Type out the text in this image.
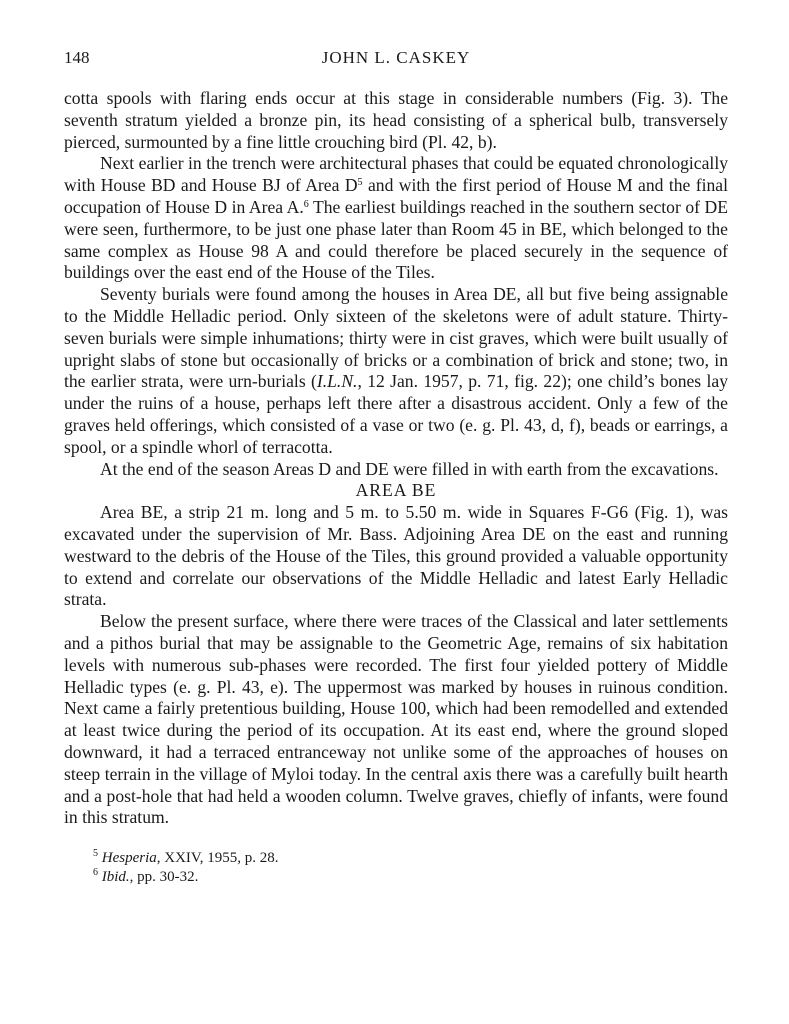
148	JOHN L. CASKEY

cotta spools with flaring ends occur at this stage in considerable numbers (Fig. 3). The seventh stratum yielded a bronze pin, its head consisting of a spherical bulb, transversely pierced, surmounted by a fine little crouching bird (Pl. 42, b).

Next earlier in the trench were architectural phases that could be equated chronologically with House BD and House BJ of Area $D^5$ and with the first period of House M and the final occupation of House D in Area A.$^6$ The earliest buildings reached in the southern sector of DE were seen, furthermore, to be just one phase later than Room 45 in BE, which belonged to the same complex as House 98 A and could therefore be placed securely in the sequence of buildings over the east end of the House of the Tiles.

Seventy burials were found among the houses in Area DE, all but five being assignable to the Middle Helladic period. Only sixteen of the skeletons were of adult stature. Thirty-seven burials were simple inhumations; thirty were in cist graves, which were built usually of upright slabs of stone but occasionally of bricks or a combination of brick and stone; two, in the earlier strata, were urn-burials (I.L.N., 12 Jan. 1957, p. 71, fig. 22); one child’s bones lay under the ruins of a house, perhaps left there after a disastrous accident. Only a few of the graves held offerings, which consisted of a vase or two (e. g. Pl. 43, d, f), beads or earrings, a spool, or a spindle whorl of terracotta.

At the end of the season Areas D and DE were filled in with earth from the excavations.

AREA BE

Area BE, a strip 21 m. long and 5 m. to 5.50 m. wide in Squares F-G6 (Fig. 1), was excavated under the supervision of Mr. Bass. Adjoining Area DE on the east and running westward to the debris of the House of the Tiles, this ground provided a valuable opportunity to extend and correlate our observations of the Middle Helladic and latest Early Helladic strata.

Below the present surface, where there were traces of the Classical and later settlements and a pithos burial that may be assignable to the Geometric Age, remains of six habitation levels with numerous sub-phases were recorded. The first four yielded pottery of Middle Helladic types (e. g. Pl. 43, e). The uppermost was marked by houses in ruinous condition. Next came a fairly pretentious building, House 100, which had been remodelled and extended at least twice during the period of its occupation. At its east end, where the ground sloped downward, it had a terraced entranceway not unlike some of the approaches of houses on steep terrain in the village of Myloi today. In the central axis there was a carefully built hearth and a post-hole that had held a wooden column. Twelve graves, chiefly of infants, were found in this stratum.

$^5$ Hesperia, XXIV, 1955, p. 28.
$^6$ Ibid., pp. 30-32.
